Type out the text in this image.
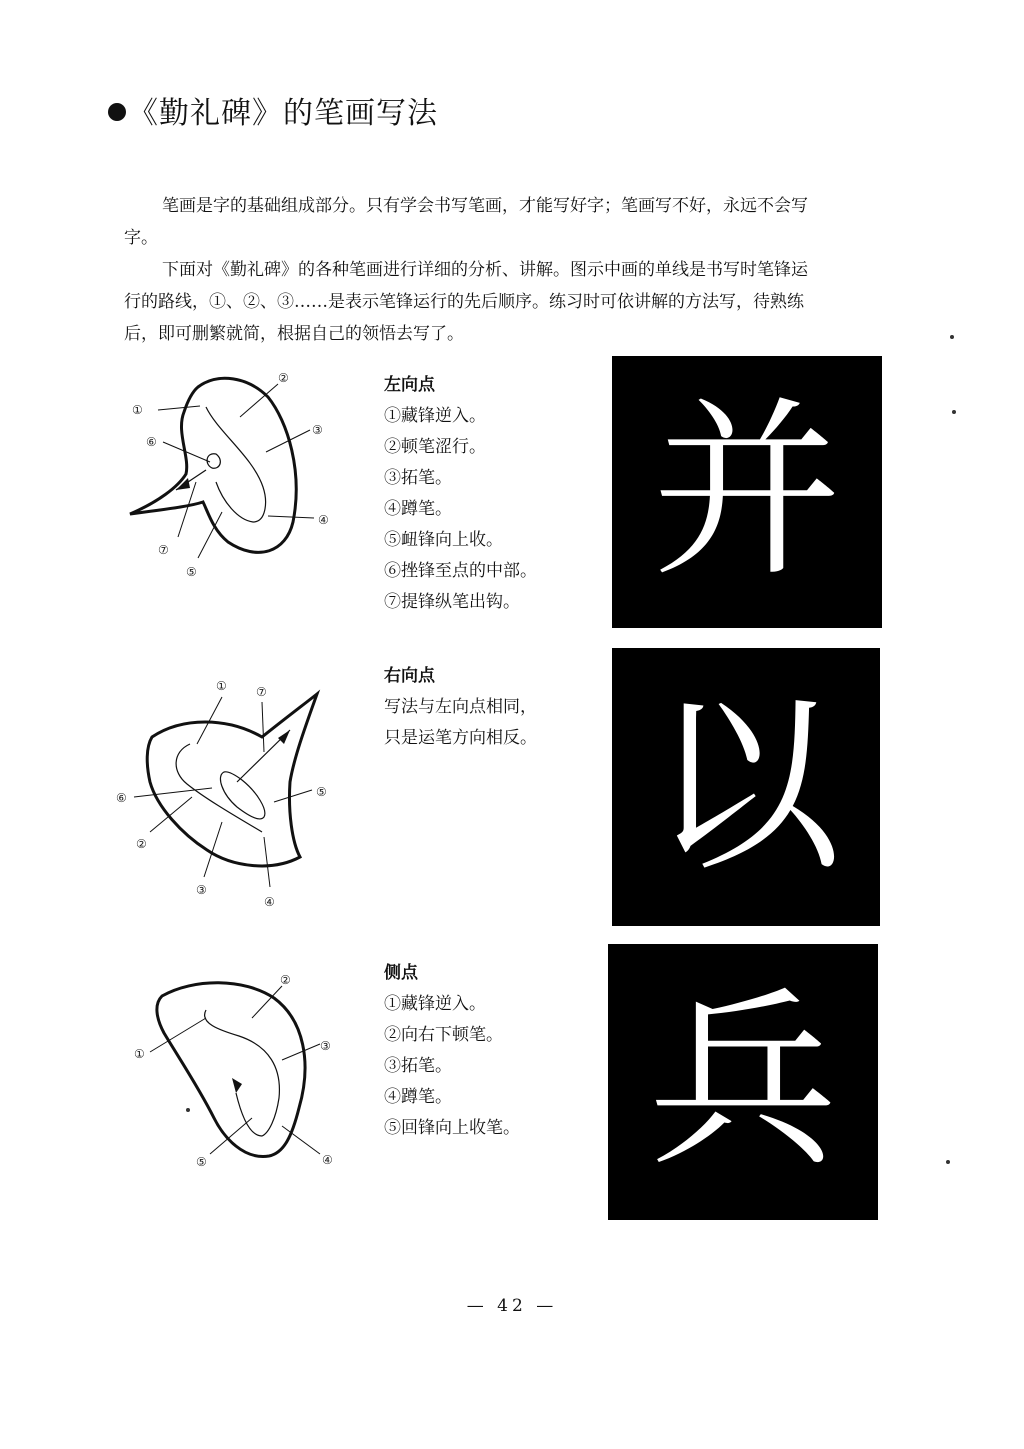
《勤礼碑》的笔画写法

笔画是字的基础组成部分。只有学会书写笔画，才能写好字；笔画写不好，永远不会写字。

下面对《勤礼碑》的各种笔画进行详细的分析、讲解。图示中画的单线是书写时笔锋运行的路线，①、②、③……是表示笔锋运行的先后顺序。练习时可依讲解的方法写，待熟练后，即可删繁就简，根据自己的领悟去写了。

①
②
③
④
⑤
⑥
⑦
左向点
①藏锋逆入。
②顿笔涩行。
③拓笔。
④蹲笔。
⑤衄锋向上收。
⑥挫锋至点的中部。
⑦提锋纵笔出钩。 并
①
②
③
④
⑤
⑥
⑦
右向点
写法与左向点相同，
只是运笔方向相反。 以
①
②
③
④
⑤
侧点
①藏锋逆入。
②向右下顿笔。
③拓笔。
④蹲笔。
⑤回锋向上收笔。 兵
— 42 —
